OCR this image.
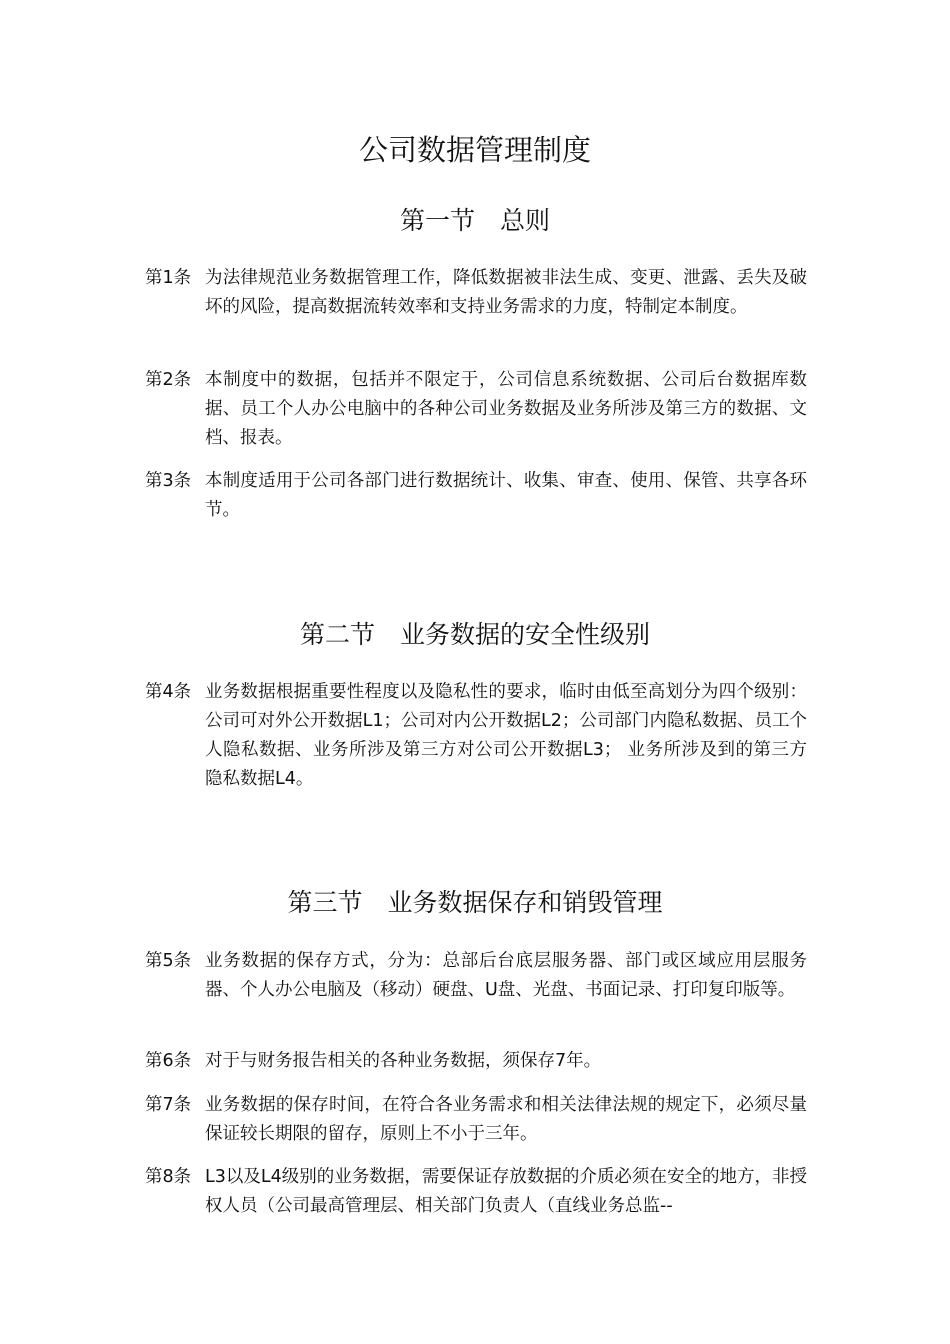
公司数据管理制度
第一节　总则
第1条 为法律规范业务数据管理工作，降低数据被非法生成、变更、泄露、丢失及破坏的风险，提高数据流转效率和支持业务需求的力度，特制定本制度。
第2条 本制度中的数据，包括并不限定于，公司信息系统数据、公司后台数据库数据、员工个人办公电脑中的各种公司业务数据及业务所涉及第三方的数据、文档、报表。
第3条 本制度适用于公司各部门进行数据统计、收集、审查、使用、保管、共享各环节。
第二节　业务数据的安全性级别
第4条 业务数据根据重要性程度以及隐私性的要求，临时由低至高划分为四个级别：公司可对外公开数据L1；公司对内公开数据L2；公司部门内隐私数据、员工个人隐私数据、业务所涉及第三方对公司公开数据L3； 业务所涉及到的第三方隐私数据L4。
第三节　业务数据保存和销毁管理
第5条 业务数据的保存方式，分为：总部后台底层服务器、部门或区域应用层服务器、个人办公电脑及（移动）硬盘、U盘、光盘、书面记录、打印复印版等。
第6条 对于与财务报告相关的各种业务数据，须保存7年。
第7条 业务数据的保存时间，在符合各业务需求和相关法律法规的规定下，必须尽量保证较长期限的留存，原则上不小于三年。
第8条 L3以及L4级别的业务数据，需要保证存放数据的介质必须在安全的地方，非授权人员（公司最高管理层、相关部门负责人（直线业务总监--
